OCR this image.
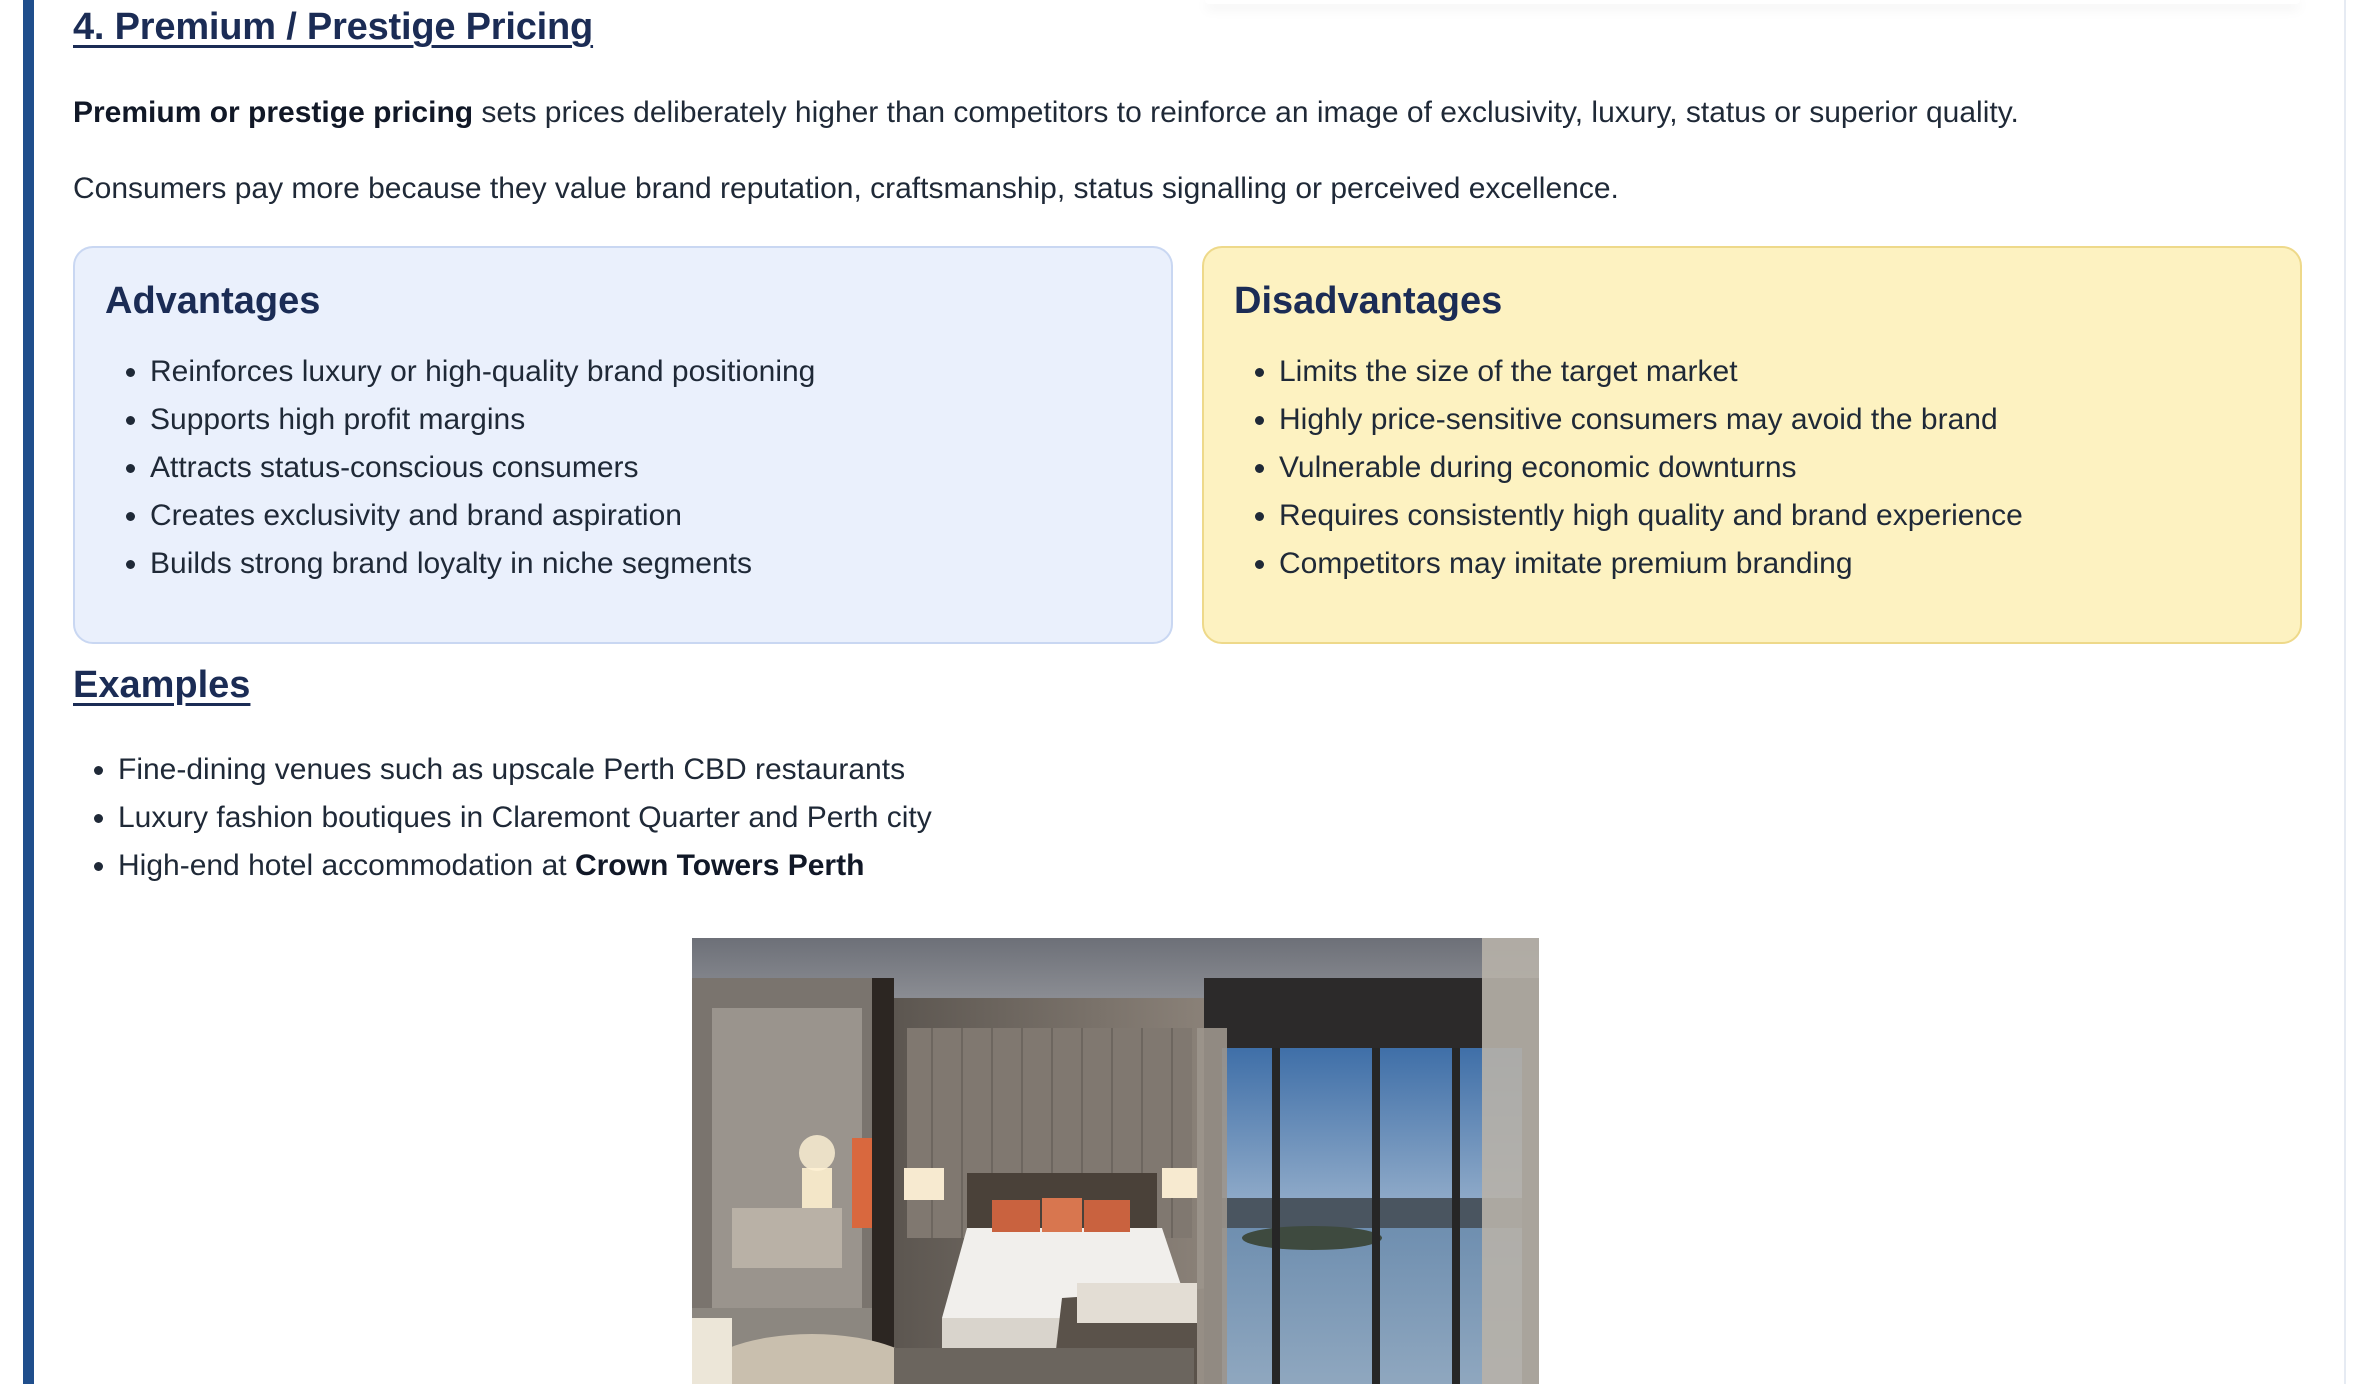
4. Premium / Prestige Pricing

Premium or prestige pricing sets prices deliberately higher than competitors to reinforce an image of exclusivity, luxury, status or superior quality.

Consumers pay more because they value brand reputation, craftsmanship, status signalling or perceived excellence.

Advantages
• Reinforces luxury or high-quality brand positioning
• Supports high profit margins
• Attracts status-conscious consumers
• Creates exclusivity and brand aspiration
• Builds strong brand loyalty in niche segments
Disadvantages
• Limits the size of the target market
• Highly price-sensitive consumers may avoid the brand
• Vulnerable during economic downturns
• Requires consistently high quality and brand experience
• Competitors may imitate premium branding
Examples
• Fine-dining venues such as upscale Perth CBD restaurants
• Luxury fashion boutiques in Claremont Quarter and Perth city
• High-end hotel accommodation at Crown Towers Perth
